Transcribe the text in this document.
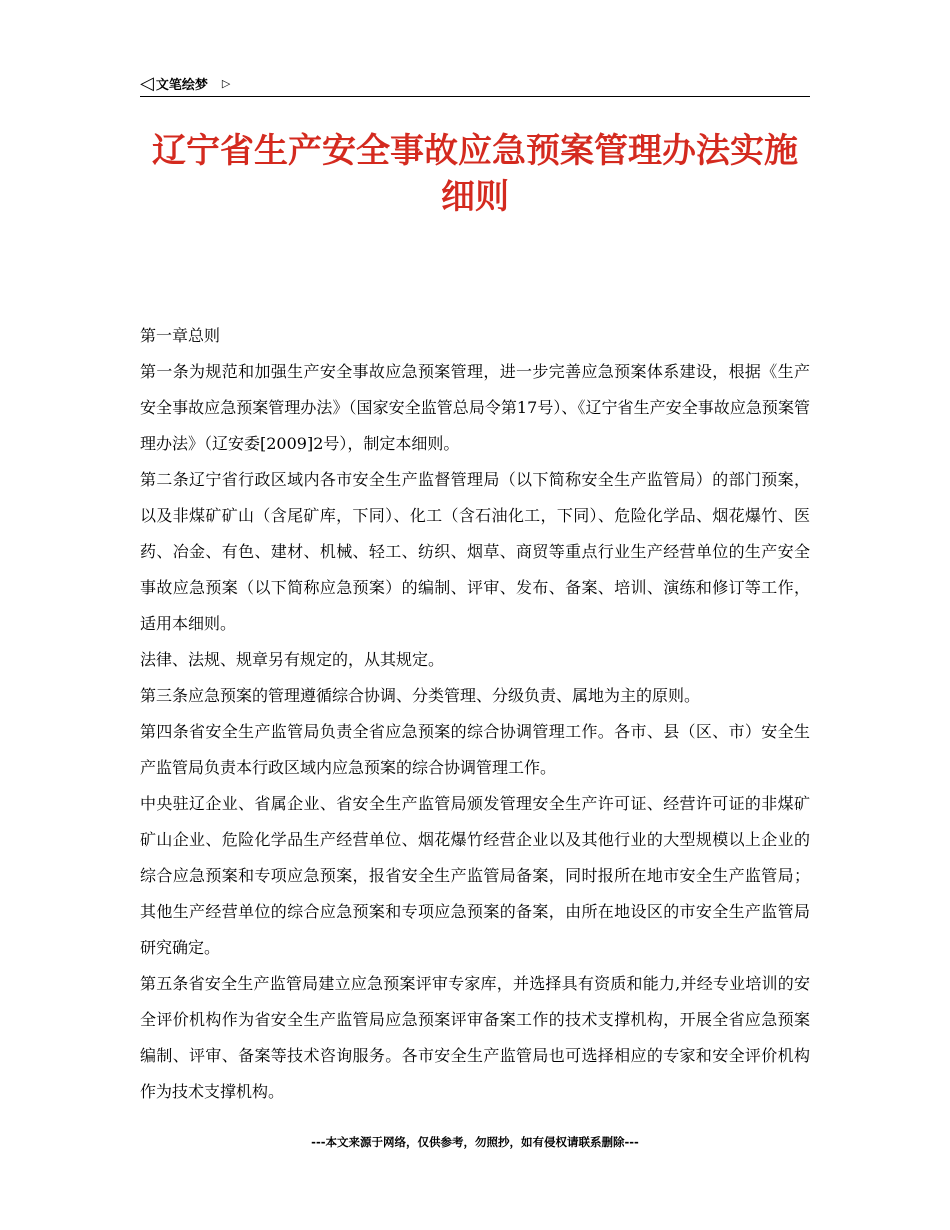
◁ 文笔绘梦 ▷
辽宁省生产安全事故应急预案管理办法实施
细则

第一章总则

第一条为规范和加强生产安全事故应急预案管理，进一步完善应急预案体系建设，根据《生产安全事故应急预案管理办法》（国家安全监管总局令第17号）、《辽宁省生产安全事故应急预案管理办法》（辽安委[2009]2号），制定本细则。

第二条辽宁省行政区域内各市安全生产监督管理局（以下简称安全生产监管局）的部门预案，以及非煤矿矿山（含尾矿库，下同）、化工（含石油化工，下同）、危险化学品、烟花爆竹、医药、冶金、有色、建材、机械、轻工、纺织、烟草、商贸等重点行业生产经营单位的生产安全事故应急预案（以下简称应急预案）的编制、评审、发布、备案、培训、演练和修订等工作，适用本细则。

法律、法规、规章另有规定的，从其规定。

第三条应急预案的管理遵循综合协调、分类管理、分级负责、属地为主的原则。

第四条省安全生产监管局负责全省应急预案的综合协调管理工作。各市、县（区、市）安全生产监管局负责本行政区域内应急预案的综合协调管理工作。

中央驻辽企业、省属企业、省安全生产监管局颁发管理安全生产许可证、经营许可证的非煤矿矿山企业、危险化学品生产经营单位、烟花爆竹经营企业以及其他行业的大型规模以上企业的综合应急预案和专项应急预案，报省安全生产监管局备案，同时报所在地市安全生产监管局；其他生产经营单位的综合应急预案和专项应急预案的备案，由所在地设区的市安全生产监管局研究确定。

第五条省安全生产监管局建立应急预案评审专家库，并选择具有资质和能力,并经专业培训的安全评价机构作为省安全生产监管局应急预案评审备案工作的技术支撑机构，开展全省应急预案编制、评审、备案等技术咨询服务。各市安全生产监管局也可选择相应的专家和安全评价机构作为技术支撑机构。

---本文来源于网络，仅供参考，勿照抄，如有侵权请联系删除---
